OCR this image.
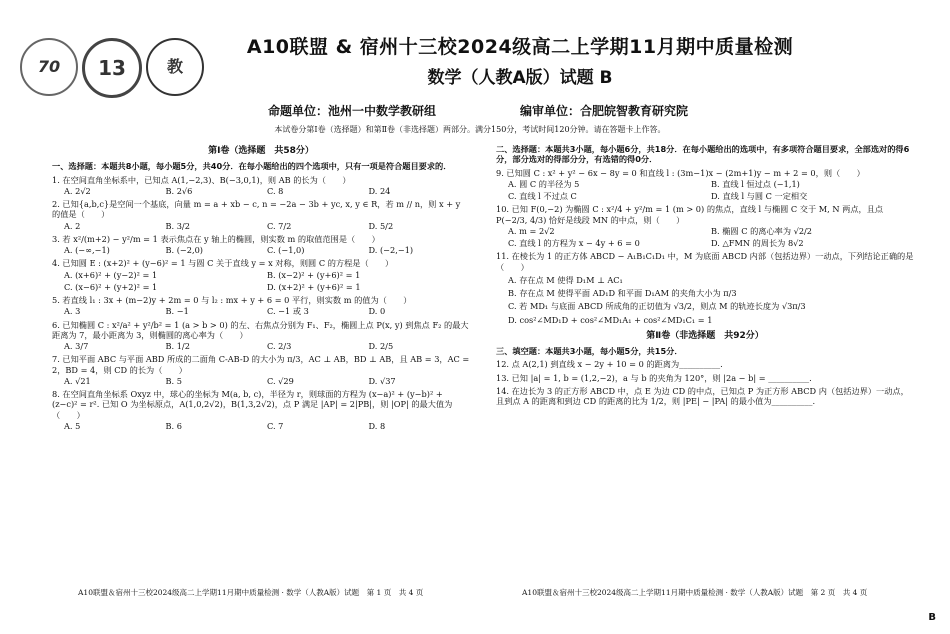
70 13	教
A10联盟 & 宿州十三校2024级高二上学期11月期中质量检测
数学（人教A版）试题 B
命题单位：池州一中数学教研组	编审单位：合肥皖智教育研究院
本试卷分第Ⅰ卷（选择题）和第Ⅱ卷（非选择题）两部分。满分150分，考试时间120分钟。请在答题卡上作答。
第Ⅰ卷（选择题　共58分）
一、选择题：本题共8小题，每小题5分，共40分．在每小题给出的四个选项中，只有一项是符合题目要求的．
1. 在空间直角坐标系中，已知点 A(1,−2,3)、B(−3,0,1)，则 AB 的长为（　　）
A. 2√2	B. 2√6	C. 8	D. 24
2. 已知{a,b,c}是空间一个基底，向量 m = a + xb − c, n = −2a − 3b + yc, x, y ∈ R，若 m // n，则 x + y 的值是（　　）
A. 2	B. 3/2	C. 7/2	D. 5/2
3. 若 x²/(m+2) − y²/m = 1 表示焦点在 y 轴上的椭圆，则实数 m 的取值范围是（　　）
A. (−∞,−1)	B. (−2,0)	C. (−1,0)	D. (−2,−1)
4. 已知圆 E : (x+2)² + (y−6)² = 1 与圆 C 关于直线 y = x 对称，则圆 C 的方程是（　　）
A. (x+6)² + (y−2)² = 1	B. (x−2)² + (y+6)² = 1
C. (x−6)² + (y+2)² = 1	D. (x+2)² + (y+6)² = 1
5. 若直线 l₁ : 3x + (m−2)y + 2m = 0 与 l₂ : mx + y + 6 = 0 平行，则实数 m 的值为（　　）
A. 3	B. −1	C. −1 或 3	D. 0
6. 已知椭圆 C : x²/a² + y²/b² = 1 (a > b > 0) 的左、右焦点分别为 F₁、F₂，椭圆上点 P(x, y) 到焦点 F₂ 的最大距离为 7，最小距离为 3，则椭圆的离心率为（　　）
A. 3/7	B. 1/2	C. 2/3	D. 2/5
7. 已知平面 ABC 与平面 ABD 所成的二面角 C-AB-D 的大小为 π/3，AC ⊥ AB，BD ⊥ AB，且 AB = 3，AC = 2，BD = 4，则 CD 的长为（　　）
A. √21	B. 5	C. √29	D. √37
8. 在空间直角坐标系 Oxyz 中，球心的坐标为 M(a, b, c)，半径为 r，则球面的方程为 (x−a)² + (y−b)² + (z−c)² = r². 已知 O 为坐标原点，A(1,0,2√2)，B(1,3,2√2)，点 P 满足 |AP| = 2|PB|，则 |OP| 的最大值为（　　）
A. 5	B. 6	C. 7	D. 8
二、选择题：本题共3小题，每小题6分，共18分．在每小题给出的选项中，有多项符合题目要求，全部选对的得6分，部分选对的得部分分，有选错的得0分．
9. 已知圆 C : x² + y² − 6x − 8y = 0 和直线 l : (3m−1)x − (2m+1)y − m + 2 = 0，则（　　）
A. 圆 C 的半径为 5	B. 直线 l 恒过点 (−1,1)
C. 直线 l 不过点 C	D. 直线 l 与圆 C 一定相交
10. 已知 F(0,−2) 为椭圆 C : x²/4 + y²/m = 1 (m > 0) 的焦点，直线 l 与椭圆 C 交于 M, N 两点，且点 P(−2/3, 4/3) 恰好是线段 MN 的中点，则（　　）
A. m = 2√2	B. 椭圆 C 的离心率为 √2/2
C. 直线 l 的方程为 x − 4y + 6 = 0	D. △FMN 的周长为 8√2
11. 在棱长为 1 的正方体 ABCD − A₁B₁C₁D₁ 中，M 为底面 ABCD 内部（包括边界）一动点，下列结论正确的是（　　）
A. 存在点 M 使得 D₁M ⊥ AC₁
B. 存在点 M 使得平面 AD₁D 和平面 D₁AM 的夹角大小为 π/3
C. 若 MD₁ 与底面 ABCD 所成角的正切值为 √3/2，则点 M 的轨迹长度为 √3π/3
D. cos²∠MD₁D + cos²∠MD₁A₁ + cos²∠MD₁C₁ = 1
第Ⅱ卷（非选择题　共92分）
三、填空题：本题共3小题，每小题5分，共15分．
12. 点 A(2,1) 到直线 x − 2y + 10 = 0 的距离为__________.
13. 已知 |a| = 1, b = (1,2,−2)，a 与 b 的夹角为 120°，则 |2a − b| = __________.
14. 在边长为 3 的正方形 ABCD 中，点 E 为边 CD 的中点，已知点 P 为正方形 ABCD 内（包括边界）一动点，且到点 A 的距离和到边 CD 的距离的比为 1/2，则 |PE| − |PA| 的最小值为__________.
A10联盟＆宿州十三校2024级高二上学期11月期中质量检测 · 数学（人教A版）试题　第 1 页　共 4 页	A10联盟＆宿州十三校2024级高二上学期11月期中质量检测 · 数学（人教A版）试题　第 2 页　共 4 页
B
